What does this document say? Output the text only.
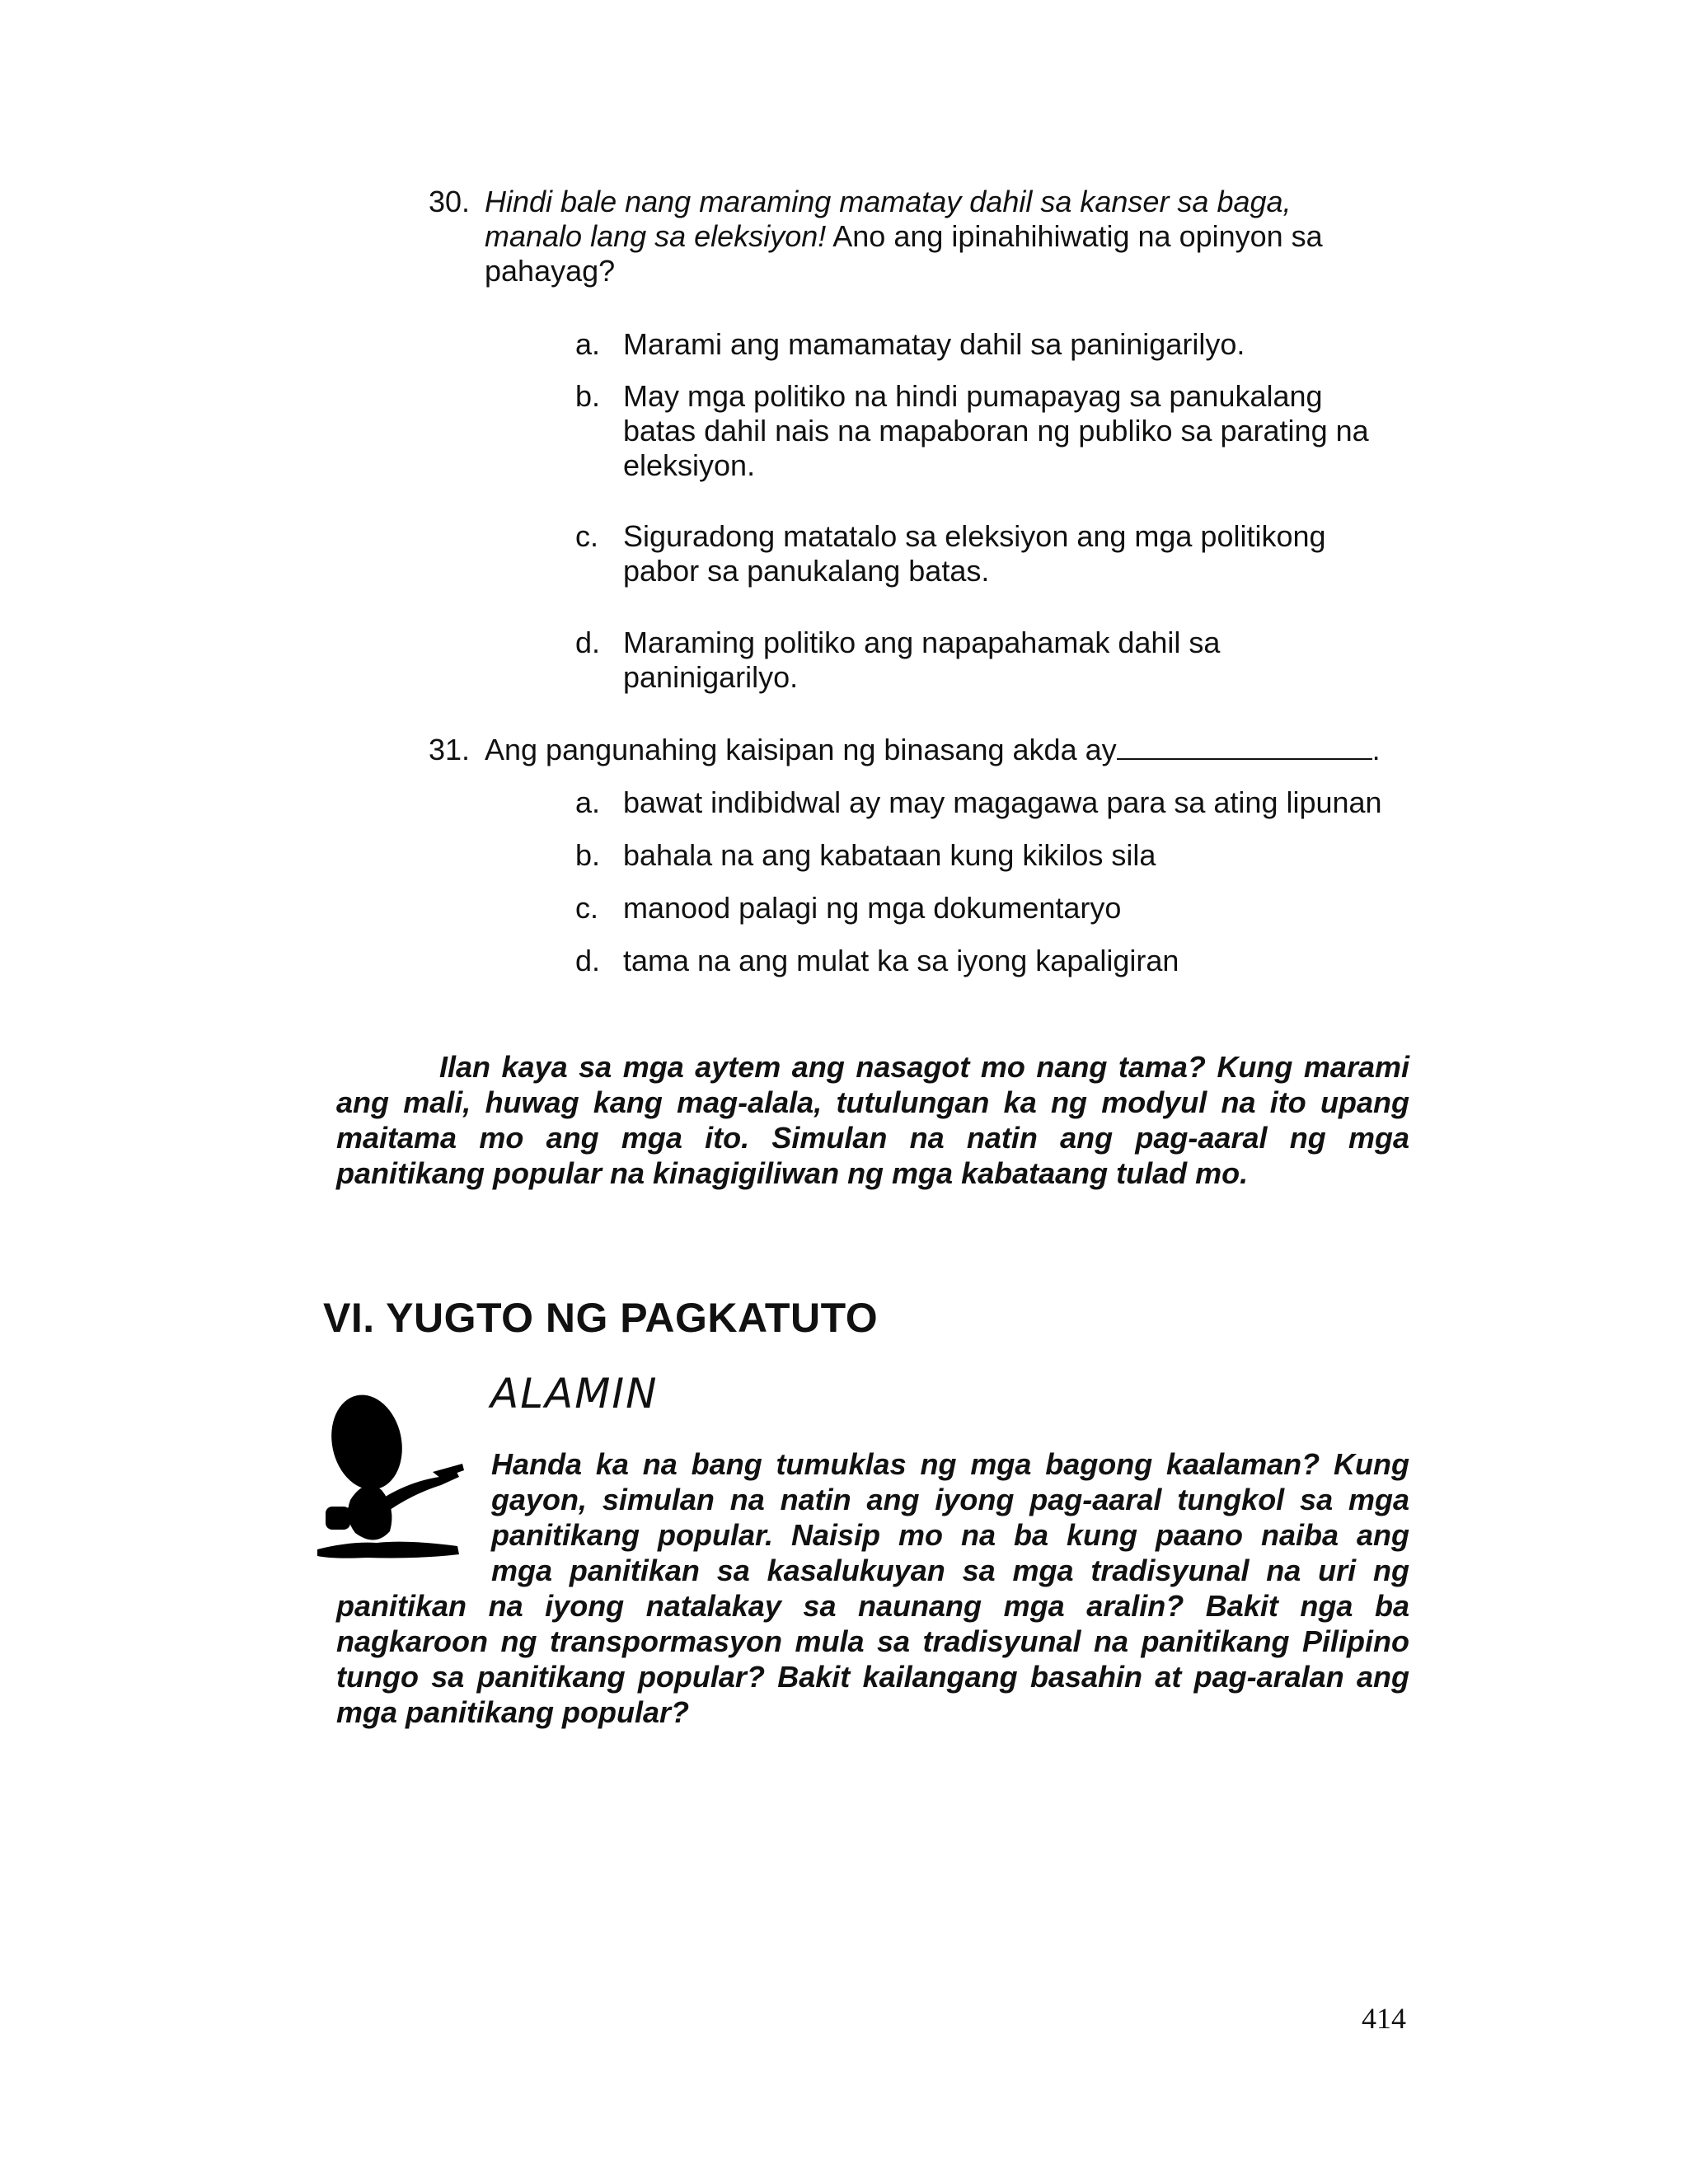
30. Hindi bale nang maraming mamatay dahil sa kanser sa baga,
manalo lang sa eleksiyon! Ano ang ipinahihiwatig na opinyon sa
pahayag?
a. Marami ang mamamatay dahil sa paninigarilyo.
b. May mga politiko na hindi pumapayag sa panukalang
batas dahil nais na mapaboran ng publiko sa parating na
eleksiyon.
c. Siguradong matatalo sa eleksiyon ang mga politikong
pabor sa panukalang batas.
d. Maraming politiko ang napapahamak dahil sa
paninigarilyo.
31. Ang pangunahing kaisipan ng binasang akda ay	.
a. bawat indibidwal ay may magagawa para sa ating lipunan
b. bahala na ang kabataan kung kikilos sila
c. manood palagi ng mga dokumentaryo
d. tama na ang mulat ka sa iyong kapaligiran
Ilan kaya sa mga aytem ang nasagot mo nang tama? Kung marami
ang mali, huwag kang mag-alala, tutulungan ka ng modyul na ito upang
maitama mo ang mga ito. Simulan na natin ang pag-aaral ng mga
panitikang popular na kinagigiliwan ng mga kabataang tulad mo.
VI. YUGTO NG PAGKATUTO
ALAMIN
Handa ka na bang tumuklas ng mga bagong kaalaman? Kung
gayon, simulan na natin ang iyong pag-aaral tungkol sa mga
panitikang popular. Naisip mo na ba kung paano naiba ang
mga panitikan sa kasalukuyan sa mga tradisyunal na uri ng
panitikan na iyong natalakay sa naunang mga aralin? Bakit nga ba
nagkaroon ng transpormasyon mula sa tradisyunal na panitikang Pilipino
tungo sa panitikang popular? Bakit kailangang basahin at pag-aralan ang
mga panitikang popular?
414
